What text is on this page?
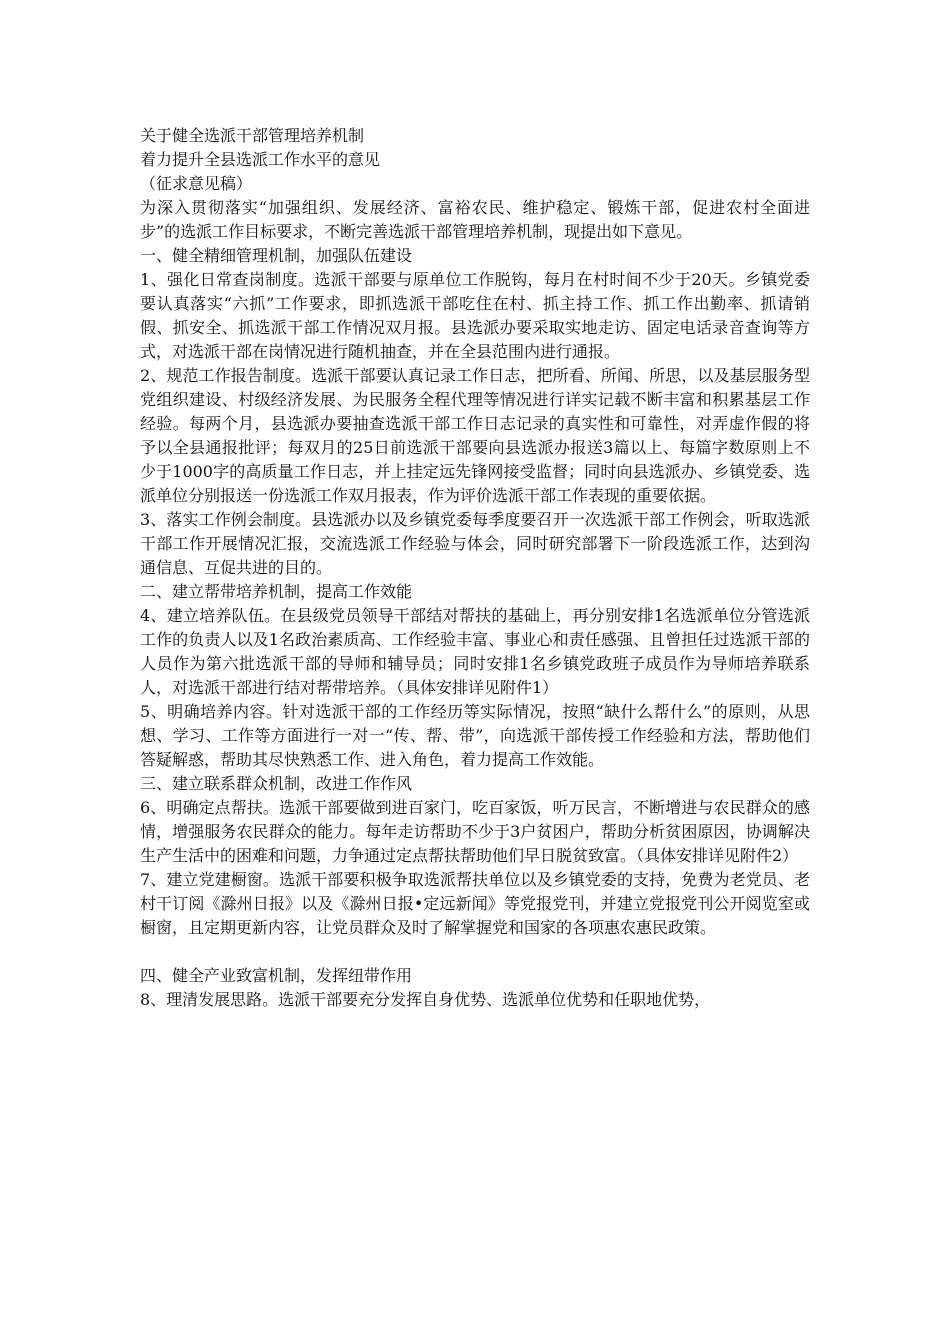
关于健全选派干部管理培养机制

着力提升全县选派工作水平的意见

（征求意见稿）

为深入贯彻落实“加强组织、发展经济、富裕农民、维护稳定、锻炼干部，促进农村全面进步”的选派工作目标要求，不断完善选派干部管理培养机制，现提出如下意见。

一、健全精细管理机制，加强队伍建设

1、强化日常查岗制度。选派干部要与原单位工作脱钩，每月在村时间不少于20天。乡镇党委要认真落实“六抓”工作要求，即抓选派干部吃住在村、抓主持工作、抓工作出勤率、抓请销假、抓安全、抓选派干部工作情况双月报。县选派办要采取实地走访、固定电话录音查询等方式，对选派干部在岗情况进行随机抽查，并在全县范围内进行通报。

2、规范工作报告制度。选派干部要认真记录工作日志，把所看、所闻、所思，以及基层服务型党组织建设、村级经济发展、为民服务全程代理等情况进行详实记载不断丰富和积累基层工作经验。每两个月，县选派办要抽查选派干部工作日志记录的真实性和可靠性，对弄虚作假的将予以全县通报批评；每双月的25日前选派干部要向县选派办报送3篇以上、每篇字数原则上不少于1000字的高质量工作日志，并上挂定远先锋网接受监督；同时向县选派办、乡镇党委、选派单位分别报送一份选派工作双月报表，作为评价选派干部工作表现的重要依据。

3、落实工作例会制度。县选派办以及乡镇党委每季度要召开一次选派干部工作例会，听取选派干部工作开展情况汇报，交流选派工作经验与体会，同时研究部署下一阶段选派工作，达到沟通信息、互促共进的目的。

二、建立帮带培养机制，提高工作效能

4、建立培养队伍。在县级党员领导干部结对帮扶的基础上，再分别安排1名选派单位分管选派工作的负责人以及1名政治素质高、工作经验丰富、事业心和责任感强、且曾担任过选派干部的人员作为第六批选派干部的导师和辅导员；同时安排1名乡镇党政班子成员作为导师培养联系人，对选派干部进行结对帮带培养。（具体安排详见附件1）

5、明确培养内容。针对选派干部的工作经历等实际情况，按照“缺什么帮什么”的原则，从思想、学习、工作等方面进行一对一“传、帮、带”，向选派干部传授工作经验和方法，帮助他们答疑解惑，帮助其尽快熟悉工作、进入角色，着力提高工作效能。

三、建立联系群众机制，改进工作作风

6、明确定点帮扶。选派干部要做到进百家门，吃百家饭，听万民言，不断增进与农民群众的感情，增强服务农民群众的能力。每年走访帮助不少于3户贫困户，帮助分析贫困原因，协调解决生产生活中的困难和问题，力争通过定点帮扶帮助他们早日脱贫致富。（具体安排详见附件2）

7、建立党建橱窗。选派干部要积极争取选派帮扶单位以及乡镇党委的支持，免费为老党员、老村干订阅《滁州日报》以及《滁州日报•定远新闻》等党报党刊，并建立党报党刊公开阅览室或橱窗，且定期更新内容，让党员群众及时了解掌握党和国家的各项惠农惠民政策。

四、健全产业致富机制，发挥纽带作用

8、理清发展思路。选派干部要充分发挥自身优势、选派单位优势和任职地优势，
